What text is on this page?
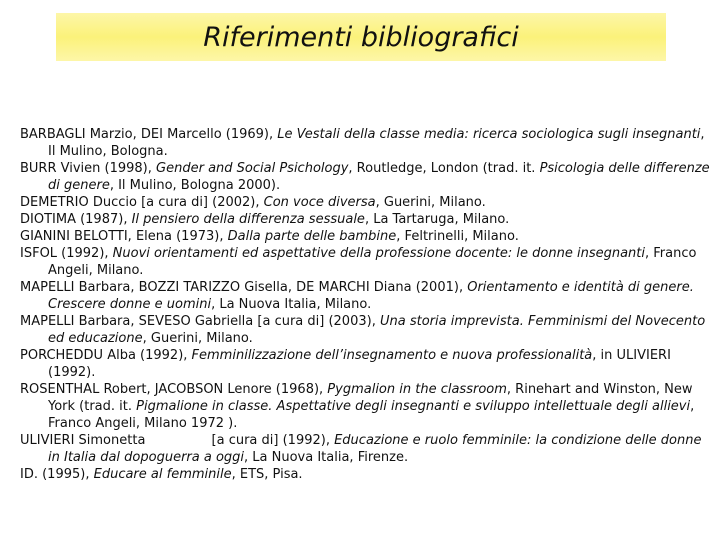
Riferimenti bibliografici
BARBAGLI Marzio, DEI Marcello (1969), Le Vestali della classe media: ricerca sociologica sugli insegnanti, Il Mulino, Bologna.
BURR Vivien (1998), Gender and Social Psichology, Routledge, London (trad. it. Psicologia delle differenze di genere, Il Mulino, Bologna 2000).
DEMETRIO Duccio [a cura di] (2002), Con voce diversa, Guerini, Milano.
DIOTIMA (1987), Il pensiero della differenza sessuale, La Tartaruga, Milano.
GIANINI BELOTTI, Elena (1973), Dalla parte delle bambine, Feltrinelli, Milano.
ISFOL (1992), Nuovi orientamenti ed aspettative della professione docente: le donne insegnanti, Franco Angeli, Milano.
MAPELLI Barbara, BOZZI TARIZZO Gisella, DE MARCHI Diana (2001), Orientamento e identità di genere. Crescere donne e uomini, La Nuova Italia, Milano.
MAPELLI Barbara, SEVESO Gabriella [a cura di] (2003), Una storia imprevista. Femminismi del Novecento ed educazione, Guerini, Milano.
PORCHEDDU Alba (1992), Femminilizzazione dell’insegnamento e nuova professionalità, in ULIVIERI (1992).
ROSENTHAL Robert, JACOBSON Lenore (1968), Pygmalion in the classroom, Rinehart and Winston, New York (trad. it. Pigmalione in classe. Aspettative degli insegnanti e sviluppo intellettuale degli allievi, Franco Angeli, Milano 1972 ).
ULIVIERI Simonetta                [a cura di] (1992), Educazione e ruolo femminile: la condizione delle donne in Italia dal dopoguerra a oggi, La Nuova Italia, Firenze.
ID. (1995), Educare al femminile, ETS, Pisa.
